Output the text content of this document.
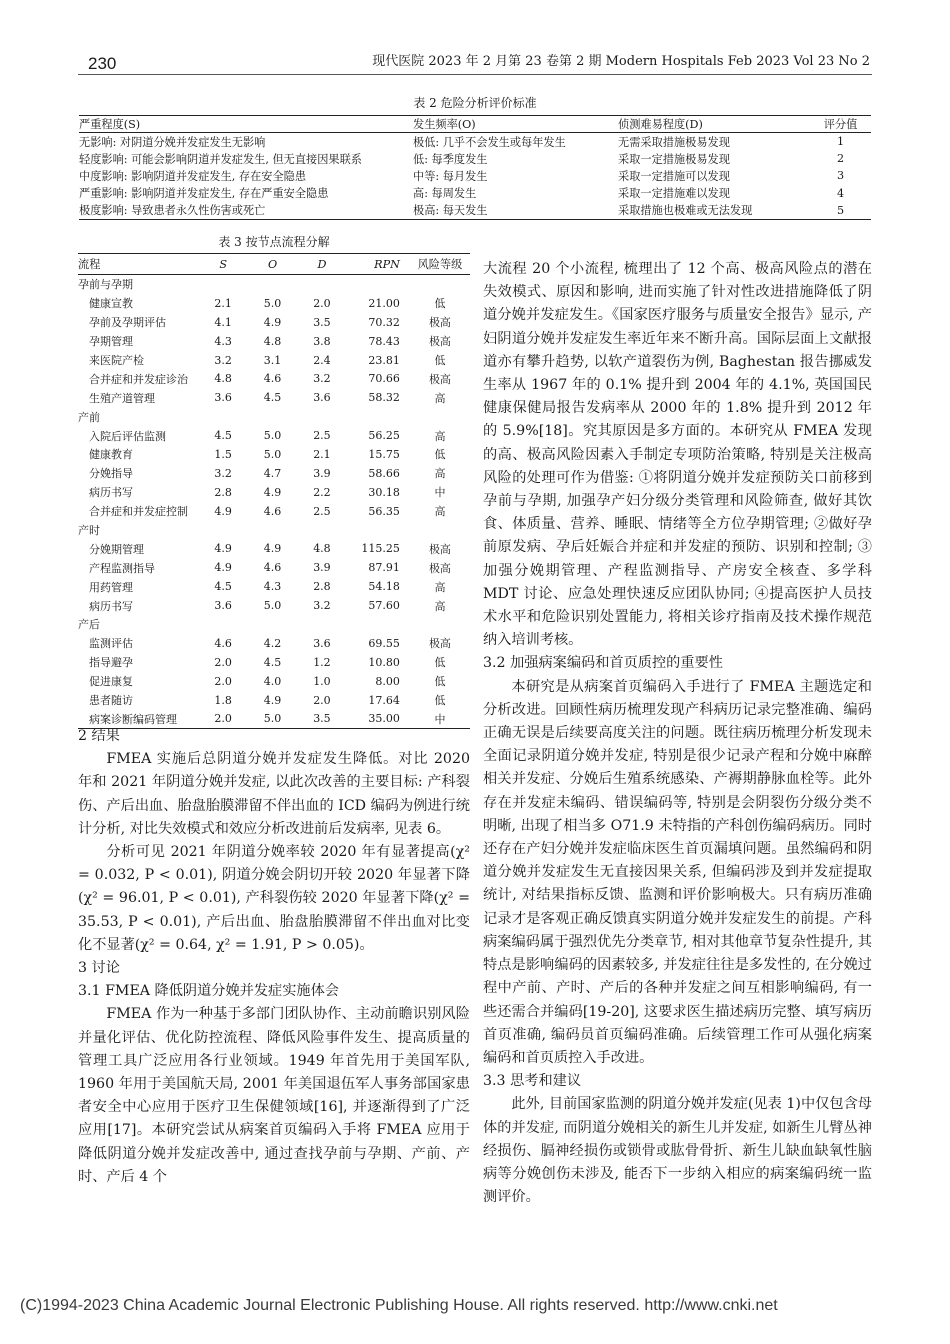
230	现代医院 2023 年 2 月第 23 卷第 2 期 Modern Hospitals Feb 2023 Vol 23 No 2
表 2 危险分析评价标准
严重程度(S)	发生频率(O)	侦测难易程度(D)	评分值
无影响: 对阴道分娩并发症发生无影响	极低: 几乎不会发生或每年发生	无需采取措施极易发现	1
轻度影响: 可能会影响阴道并发症发生, 但无直接因果联系	低: 每季度发生	采取一定措施极易发现	2
中度影响: 影响阴道并发症发生, 存在安全隐患	中等: 每月发生	采取一定措施可以发现	3
严重影响: 影响阴道并发症发生, 存在严重安全隐患	高: 每周发生	采取一定措施难以发现	4
极度影响: 导致患者永久性伤害或死亡	极高: 每天发生	采取措施也极难或无法发现	5
表 3 按节点流程分解
流程	S	O	D	RPN	风险等级
孕前与孕期					
健康宣教	2.1	5.0	2.0	21.00	低
孕前及孕期评估	4.1	4.9	3.5	70.32	极高
孕期管理	4.3	4.8	3.8	78.43	极高
来医院产检	3.2	3.1	2.4	23.81	低
合并症和并发症诊治	4.8	4.6	3.2	70.66	极高
生殖产道管理	3.6	4.5	3.6	58.32	高
产前					
入院后评估监测	4.5	5.0	2.5	56.25	高
健康教育	1.5	5.0	2.1	15.75	低
分娩指导	3.2	4.7	3.9	58.66	高
病历书写	2.8	4.9	2.2	30.18	中
合并症和并发症控制	4.9	4.6	2.5	56.35	高
产时					
分娩期管理	4.9	4.9	4.8	115.25	极高
产程监测指导	4.9	4.6	3.9	87.91	极高
用药管理	4.5	4.3	2.8	54.18	高
病历书写	3.6	5.0	3.2	57.60	高
产后					
监测评估	4.6	4.2	3.6	69.55	极高
指导避孕	2.0	4.5	1.2	10.80	低
促进康复	2.0	4.0	1.0	8.00	低
患者随访	1.8	4.9	2.0	17.64	低
病案诊断编码管理	2.0	5.0	3.5	35.00	中

2 结果

FMEA 实施后总阴道分娩并发症发生降低。对比 2020 年和 2021 年阴道分娩并发症, 以此次改善的主要目标: 产科裂伤、产后出血、胎盘胎膜滞留不伴出血的 ICD 编码为例进行统计分析, 对比失效模式和效应分析改进前后发病率, 见表 6。

分析可见 2021 年阴道分娩率较 2020 年有显著提高(χ² = 0.032, P < 0.01), 阴道分娩会阴切开较 2020 年显著下降(χ² = 96.01, P < 0.01), 产科裂伤较 2020 年显著下降(χ² = 35.53, P < 0.01), 产后出血、胎盘胎膜滞留不伴出血对比变化不显著(χ² = 0.64, χ² = 1.91, P > 0.05)。

3 讨论

3.1 FMEA 降低阴道分娩并发症实施体会

FMEA 作为一种基于多部门团队协作、主动前瞻识别风险并量化评估、优化防控流程、降低风险事件发生、提高质量的管理工具广泛应用各行业领域。1949 年首先用于美国军队, 1960 年用于美国航天局, 2001 年美国退伍军人事务部国家患者安全中心应用于医疗卫生保健领域[16], 并逐渐得到了广泛应用[17]。本研究尝试从病案首页编码入手将 FMEA 应用于降低阴道分娩并发症改善中, 通过查找孕前与孕期、产前、产时、产后 4 个

大流程 20 个小流程, 梳理出了 12 个高、极高风险点的潜在失效模式、原因和影响, 进而实施了针对性改进措施降低了阴道分娩并发症发生。《国家医疗服务与质量安全报告》显示, 产妇阴道分娩并发症发生率近年来不断升高。国际层面上文献报道亦有攀升趋势, 以软产道裂伤为例, Baghestan 报告挪威发生率从 1967 年的 0.1% 提升到 2004 年的 4.1%, 英国国民健康保健局报告发病率从 2000 年的 1.8% 提升到 2012 年的 5.9%[18]。究其原因是多方面的。本研究从 FMEA 发现的高、极高风险因素入手制定专项防治策略, 特别是关注极高风险的处理可作为借鉴: ①将阴道分娩并发症预防关口前移到孕前与孕期, 加强孕产妇分级分类管理和风险筛查, 做好其饮食、体质量、营养、睡眠、情绪等全方位孕期管理; ②做好孕前原发病、孕后妊娠合并症和并发症的预防、识别和控制; ③加强分娩期管理、产程监测指导、产房安全核查、多学科 MDT 讨论、应急处理快速反应团队协同; ④提高医护人员技术水平和危险识别处置能力, 将相关诊疗指南及技术操作规范纳入培训考核。

3.2 加强病案编码和首页质控的重要性

本研究是从病案首页编码入手进行了 FMEA 主题选定和分析改进。回顾性病历梳理发现产科病历记录完整准确、编码正确无误是后续要高度关注的问题。既往病历梳理分析发现未全面记录阴道分娩并发症, 特别是很少记录产程和分娩中麻醉相关并发症、分娩后生殖系统感染、产褥期静脉血栓等。此外存在并发症未编码、错误编码等, 特别是会阴裂伤分级分类不明晰, 出现了相当多 O71.9 未特指的产科创伤编码病历。同时还存在产妇分娩并发症临床医生首页漏填问题。虽然编码和阴道分娩并发症发生无直接因果关系, 但编码涉及到并发症提取统计, 对结果指标反馈、监测和评价影响极大。只有病历准确记录才是客观正确反馈真实阴道分娩并发症发生的前提。产科病案编码属于强烈优先分类章节, 相对其他章节复杂性提升, 其特点是影响编码的因素较多, 并发症往往是多发性的, 在分娩过程中产前、产时、产后的各种并发症之间互相影响编码, 有一些还需合并编码[19-20], 这要求医生描述病历完整、填写病历首页准确, 编码员首页编码准确。后续管理工作可从强化病案编码和首页质控入手改进。

3.3 思考和建议

此外, 目前国家监测的阴道分娩并发症(见表 1)中仅包含母体的并发症, 而阴道分娩相关的新生儿并发症, 如新生儿臂丛神经损伤、膈神经损伤或锁骨或肱骨骨折、新生儿缺血缺氧性脑病等分娩创伤未涉及, 能否下一步纳入相应的病案编码统一监测评价。

(C)1994-2023 China Academic Journal Electronic Publishing House. All rights reserved. http://www.cnki.net
